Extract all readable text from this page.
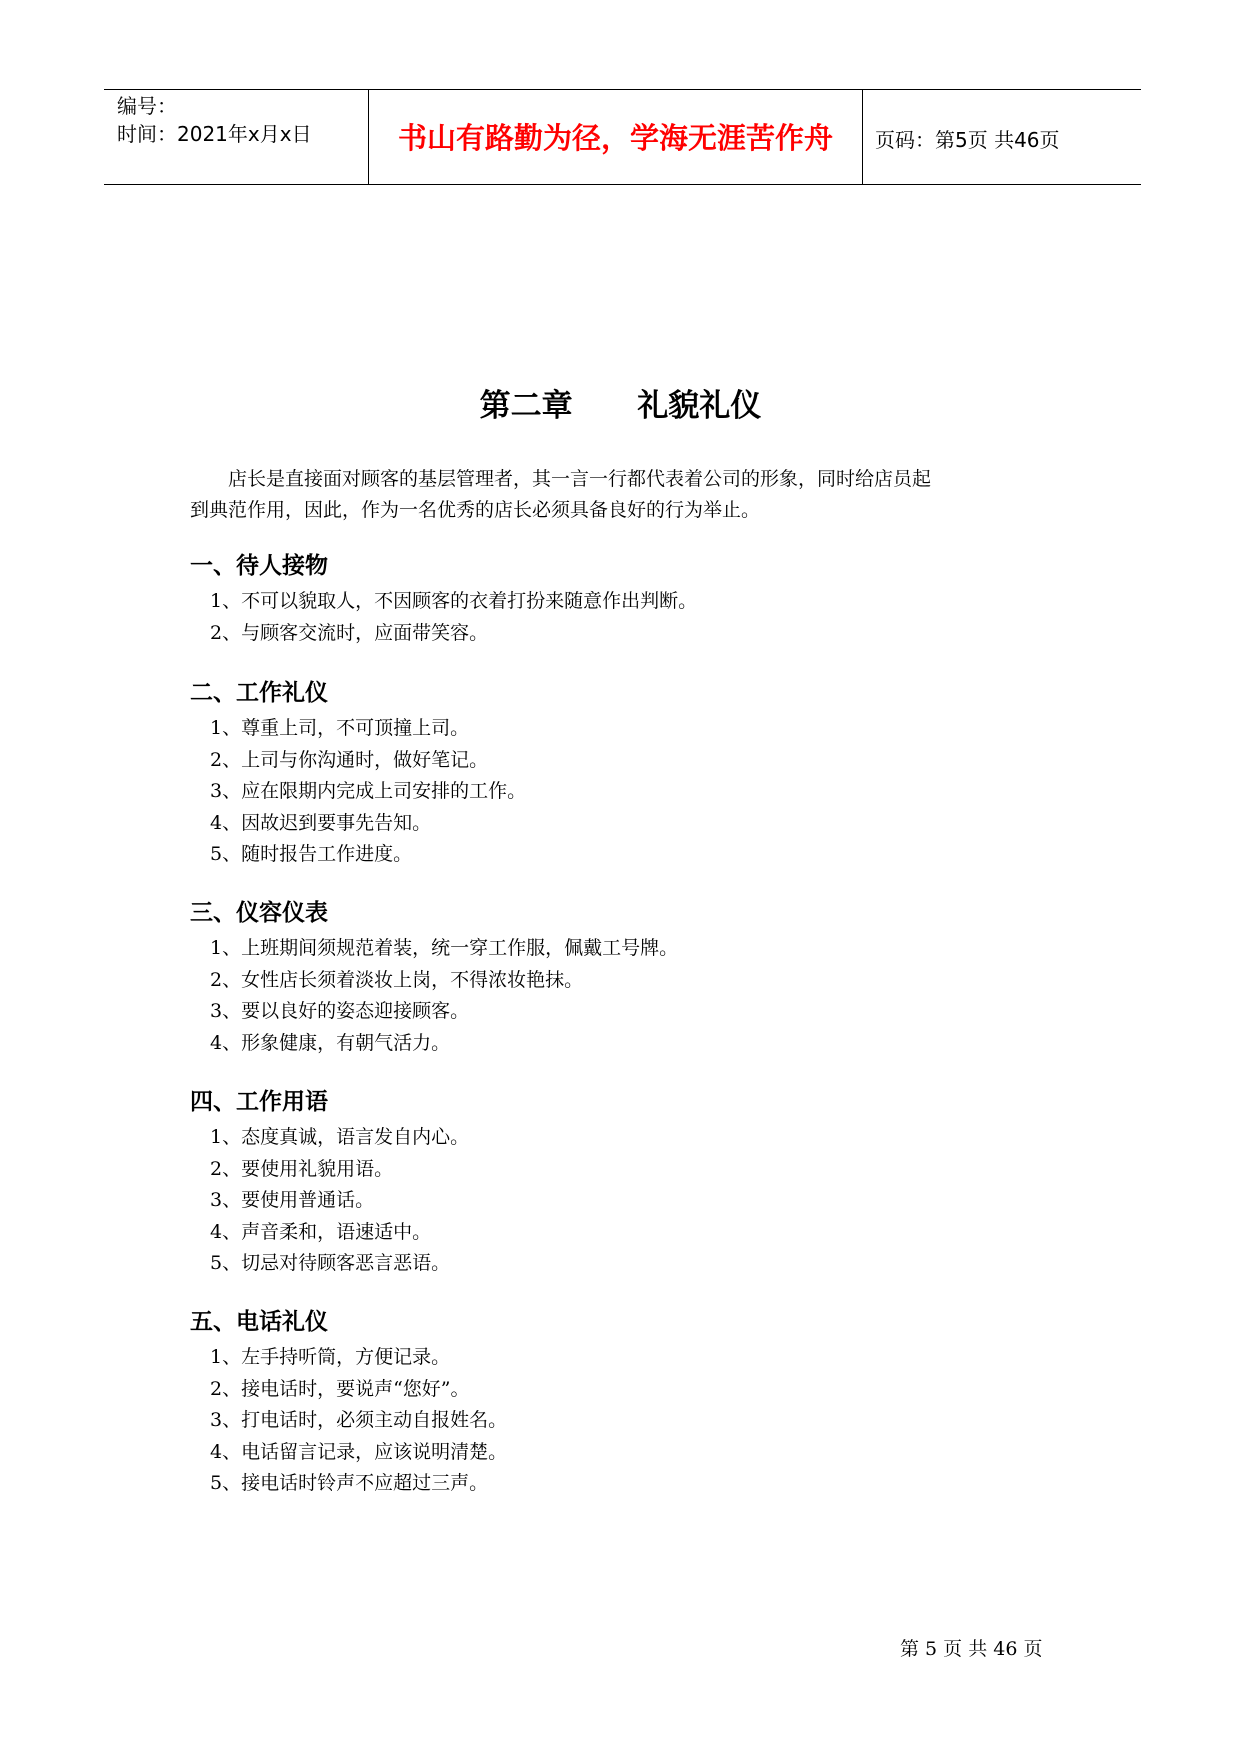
编号：
时间：2021年x月x日	书山有路勤为径，学海无涯苦作舟	页码：第5页 共46页
第二章      礼貌礼仪
店长是直接面对顾客的基层管理者，其一言一行都代表着公司的形象，同时给店员起
到典范作用，因此，作为一名优秀的店长必须具备良好的行为举止。
一、待人接物
1、不可以貌取人，不因顾客的衣着打扮来随意作出判断。
2、与顾客交流时，应面带笑容。
二、工作礼仪
1、尊重上司，不可顶撞上司。
2、上司与你沟通时，做好笔记。
3、应在限期内完成上司安排的工作。
4、因故迟到要事先告知。
5、随时报告工作进度。
三、仪容仪表
1、上班期间须规范着装，统一穿工作服，佩戴工号牌。
2、女性店长须着淡妆上岗，不得浓妆艳抹。
3、要以良好的姿态迎接顾客。
4、形象健康，有朝气活力。
四、工作用语
1、态度真诚，语言发自内心。
2、要使用礼貌用语。
3、要使用普通话。
4、声音柔和，语速适中。
5、切忌对待顾客恶言恶语。
五、电话礼仪
1、左手持听筒，方便记录。
2、接电话时，要说声“您好”。
3、打电话时，必须主动自报姓名。
4、电话留言记录，应该说明清楚。
5、接电话时铃声不应超过三声。
第 5 页 共 46 页
